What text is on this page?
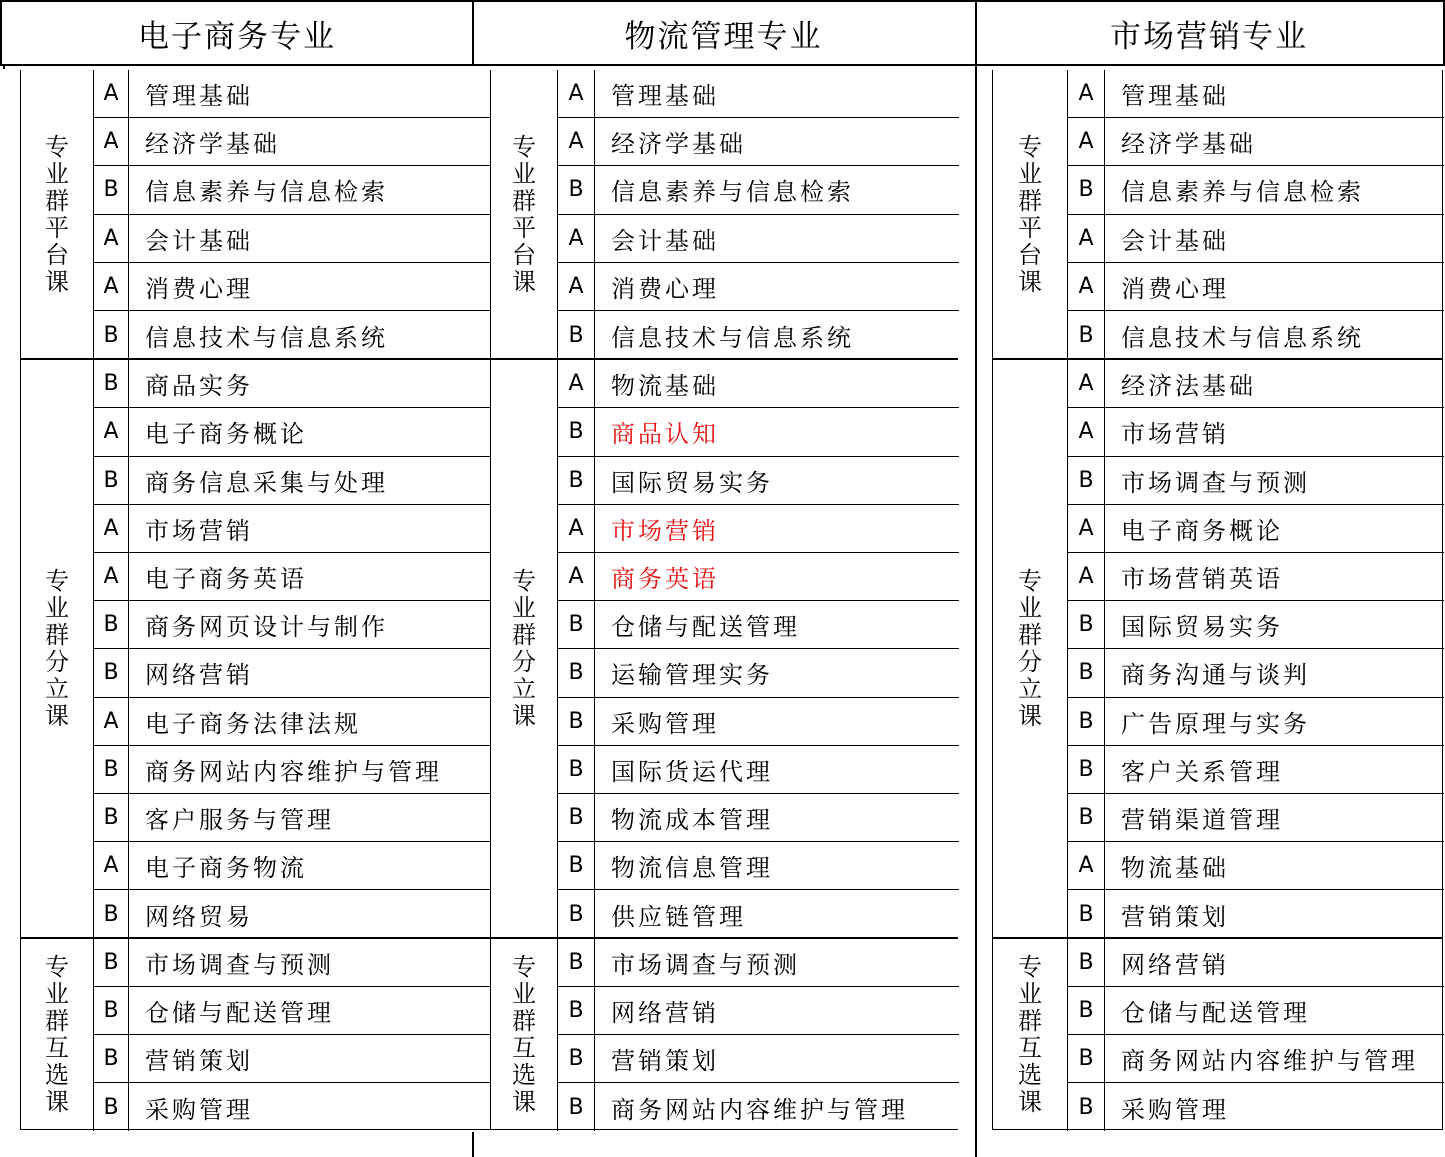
电子商务专业	物流管理专业	市场营销专业
专
业
群
平
台
课
A	管理基础
A	经济学基础
B	信息素养与信息检索
A	会计基础
A	消费心理
B	信息技术与信息系统
专
业
群
分
立
课
B	商品实务
A	电子商务概论
B	商务信息采集与处理
A	市场营销
A	电子商务英语
B	商务网页设计与制作
B	网络营销
A	电子商务法律法规
B	商务网站内容维护与管理
B	客户服务与管理
A	电子商务物流
B	网络贸易
专
业
群
互
选
课
B	市场调查与预测
B	仓储与配送管理
B	营销策划
B	采购管理
专
业
群
平
台
课
A	管理基础
A	经济学基础
B	信息素养与信息检索
A	会计基础
A	消费心理
B	信息技术与信息系统
专
业
群
分
立
课
A	物流基础
B	商品认知
B	国际贸易实务
A	市场营销
A	商务英语
B	仓储与配送管理
B	运输管理实务
B	采购管理
B	国际货运代理
B	物流成本管理
B	物流信息管理
B	供应链管理
专
业
群
互
选
课
B	市场调查与预测
B	网络营销
B	营销策划
B	商务网站内容维护与管理
专
业
群
平
台
课
A	管理基础
A	经济学基础
B	信息素养与信息检索
A	会计基础
A	消费心理
B	信息技术与信息系统
专
业
群
分
立
课
A	经济法基础
A	市场营销
B	市场调查与预测
A	电子商务概论
A	市场营销英语
B	国际贸易实务
B	商务沟通与谈判
B	广告原理与实务
B	客户关系管理
B	营销渠道管理
A	物流基础
B	营销策划
专
业
群
互
选
课
B	网络营销
B	仓储与配送管理
B	商务网站内容维护与管理
B	采购管理
